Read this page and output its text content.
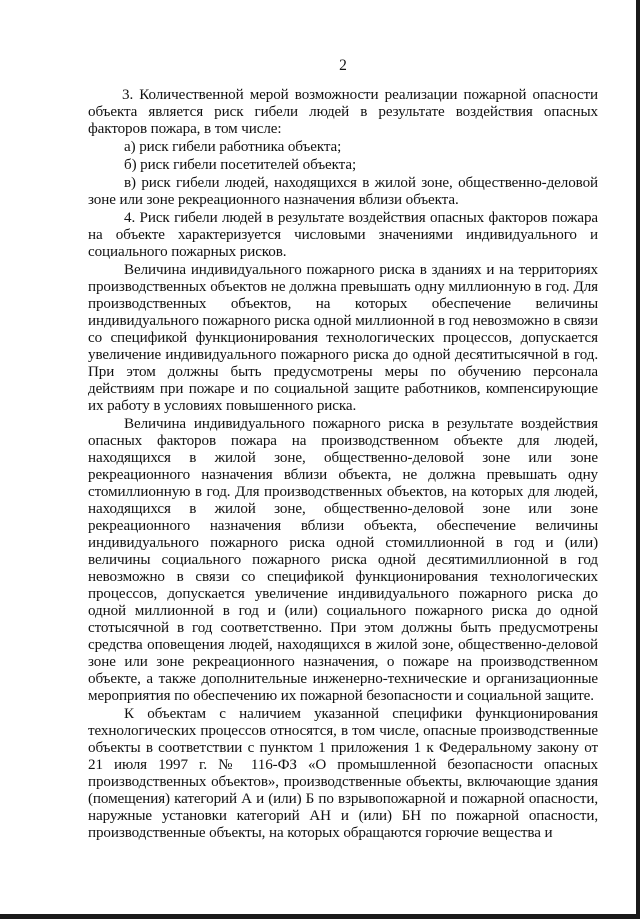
2

3. Количественной мерой возможности реализации пожарной опасности объекта является риск гибели людей в результате воздействия опасных факторов пожара, в том числе:

а) риск гибели работника объекта;

б) риск гибели посетителей объекта;

в) риск гибели людей, находящихся в жилой зоне, общественно-деловой зоне или зоне рекреационного назначения вблизи объекта.

4. Риск гибели людей в результате воздействия опасных факторов пожара на объекте характеризуется числовыми значениями индивидуального и социального пожарных рисков.

Величина индивидуального пожарного риска в зданиях и на территориях производственных объектов не должна превышать одну миллионную в год. Для производственных объектов, на которых обеспечение величины индивидуального пожарного риска одной миллионной в год невозможно в связи со спецификой функционирования технологических процессов, допускается увеличение индивидуального пожарного риска до одной десятитысячной в год. При этом должны быть предусмотрены меры по обучению персонала действиям при пожаре и по социальной защите работников, компенсирующие их работу в условиях повышенного риска.

Величина индивидуального пожарного риска в результате воздействия опасных факторов пожара на производственном объекте для людей, находящихся в жилой зоне, общественно-деловой зоне или зоне рекреационного назначения вблизи объекта, не должна превышать одну стомиллионную в год. Для производственных объектов, на которых для людей, находящихся в жилой зоне, общественно-деловой зоне или зоне рекреационного назначения вблизи объекта, обеспечение величины индивидуального пожарного риска одной стомиллионной в год и (или) величины социального пожарного риска одной десятимиллионной в год невозможно в связи со спецификой функционирования технологических процессов, допускается увеличение индивидуального пожарного риска до одной миллионной в год и (или) социального пожарного риска до одной стотысячной в год соответственно. При этом должны быть предусмотрены средства оповещения людей, находящихся в жилой зоне, общественно-деловой зоне или зоне рекреационного назначения, о пожаре на производственном объекте, а также дополнительные инженерно-технические и организационные мероприятия по обеспечению их пожарной безопасности и социальной защите.

К объектам с наличием указанной специфики функционирования технологических процессов относятся, в том числе, опасные производственные объекты в соответствии с пунктом 1 приложения 1 к Федеральному закону от 21 июля 1997 г. № 116-ФЗ «О промышленной безопасности опасных производственных объектов», производственные объекты, включающие здания (помещения) категорий А и (или) Б по взрывопожарной и пожарной опасности, наружные установки категорий АН и (или) БН по пожарной опасности, производственные объекты, на которых обращаются горючие вещества и
